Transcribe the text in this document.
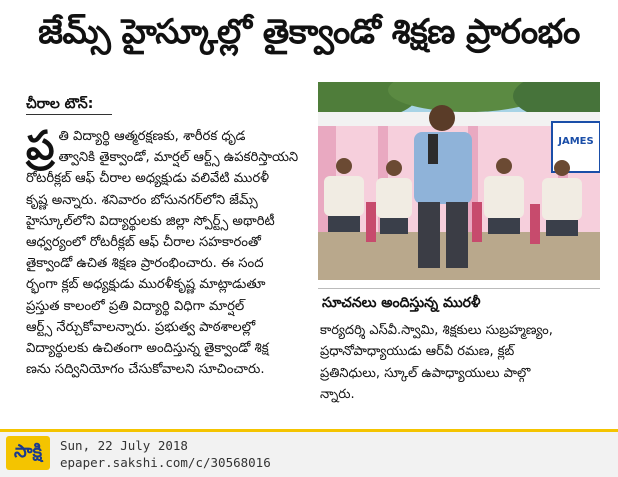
జేమ్స్ హైస్కూల్లో తైక్వాండో శిక్షణ ప్రారంభం
చీరాల టౌన్:
ప్ర తి విద్యార్థి ఆత్మరక్షణకు, శారీరక ధృడ
త్వానికి తైక్వాండో, మార్షల్ ఆర్ట్స్ ఉపకరిస్తాయని
రోటరీక్లబ్ ఆఫ్ చీరాల అధ్యక్షుడు వలివేటి మురళీ
కృష్ణ అన్నారు. శనివారం బోసునగర్‌లోని జేమ్స్
హైస్కూల్‌లోని విద్యార్థులకు జిల్లా స్పోర్ట్స్ అథారిటీ
ఆధ్వర్యంలో రోటరీక్లబ్ ఆఫ్ చీరాల సహకారంతో
తైక్వాండో ఉచిత శిక్షణ ప్రారంభించారు. ఈ సంద
ర్భంగా క్లబ్ అధ్యక్షుడు మురళీకృష్ణ మాట్లాడుతూ
ప్రస్తుత కాలంలో ప్రతి విద్యార్థి విధిగా మార్షల్
ఆర్ట్స్ నేర్చుకోవాలన్నారు. ప్రభుత్వ పాఠశాలల్లో
విద్యార్థులకు ఉచితంగా అందిస్తున్న తైక్వాండో శిక్ష
ణను సద్వినియోగం చేసుకోవాలని సూచించారు.
JAMES
సూచనలు అందిస్తున్న మురళీ
కార్యదర్శి ఎస్‌వీ.స్వామి, శిక్షకులు సుబ్రహ్మణ్యం,
ప్రధానోపాధ్యాయుడు ఆర్‌వీ రమణ, క్లబ్
ప్రతినిధులు, స్కూల్ ఉపాధ్యాయులు పాల్గొ
న్నారు.
సాక్షి	Sun, 22 July 2018
epaper.sakshi.com/c/30568016
